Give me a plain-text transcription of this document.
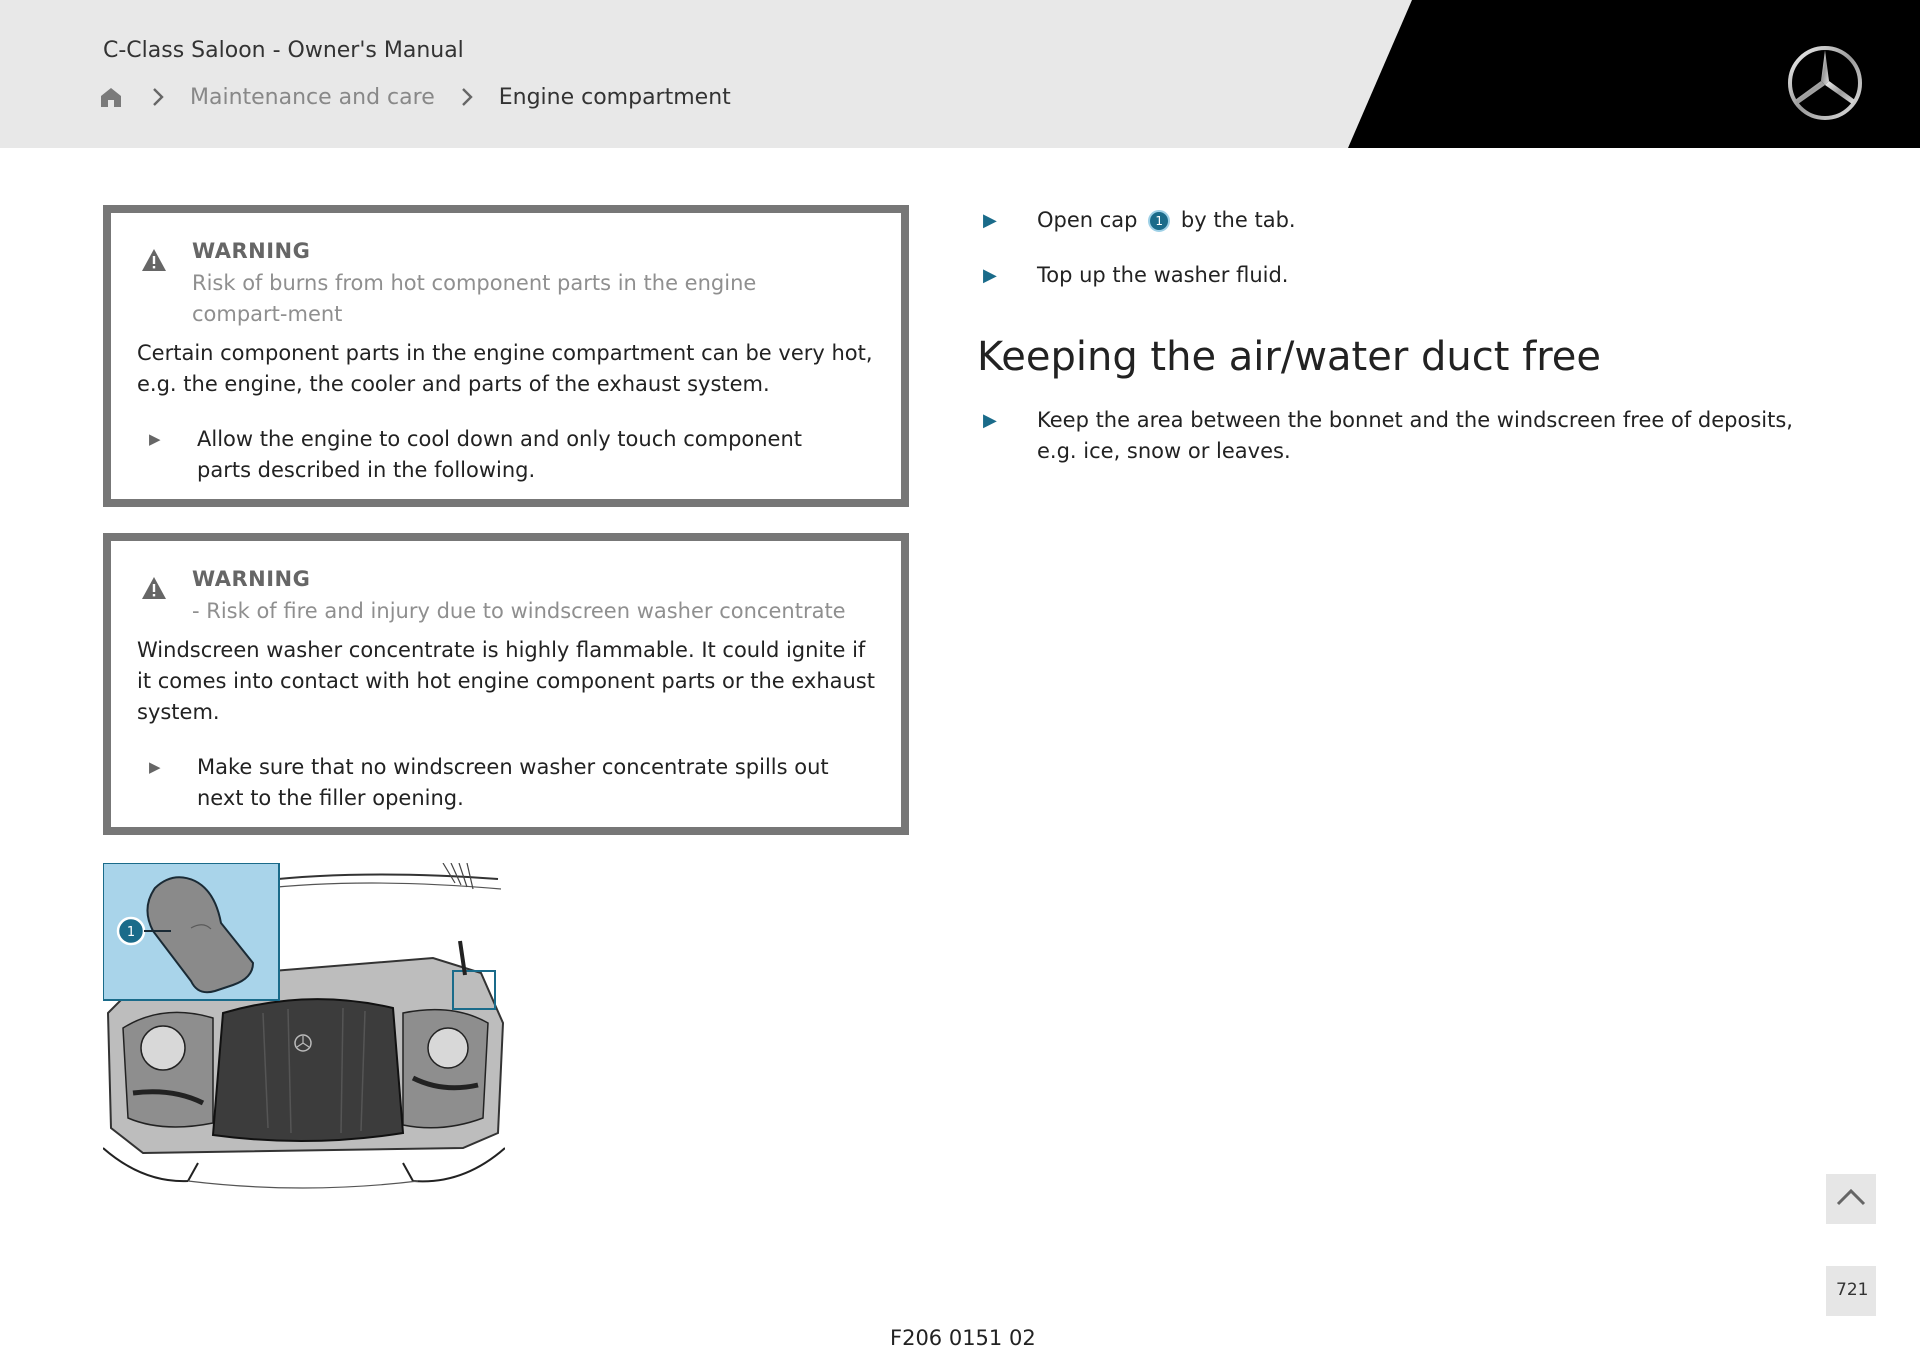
C-Class Saloon - Owner's Manual
Maintenance and care	Engine compartment
WARNING
Risk of burns from hot component parts in the engine compart-ment
Certain component parts in the engine compartment can be very hot, e.g. the engine, the cooler and parts of the exhaust system.
▶ Allow the engine to cool down and only touch component parts described in the following.
WARNING
- Risk of fire and injury due to windscreen washer concentrate
Windscreen washer concentrate is highly flammable. It could ignite if it comes into contact with hot engine component parts or the exhaust system.
▶ Make sure that no windscreen washer concentrate spills out next to the filler opening.
1
▶ Open cap 1 by the tab.
▶ Top up the washer fluid.
Keeping the air/water duct free
▶ Keep the area between the bonnet and the windscreen free of deposits, e.g. ice, snow or leaves.
721
F206 0151 02
